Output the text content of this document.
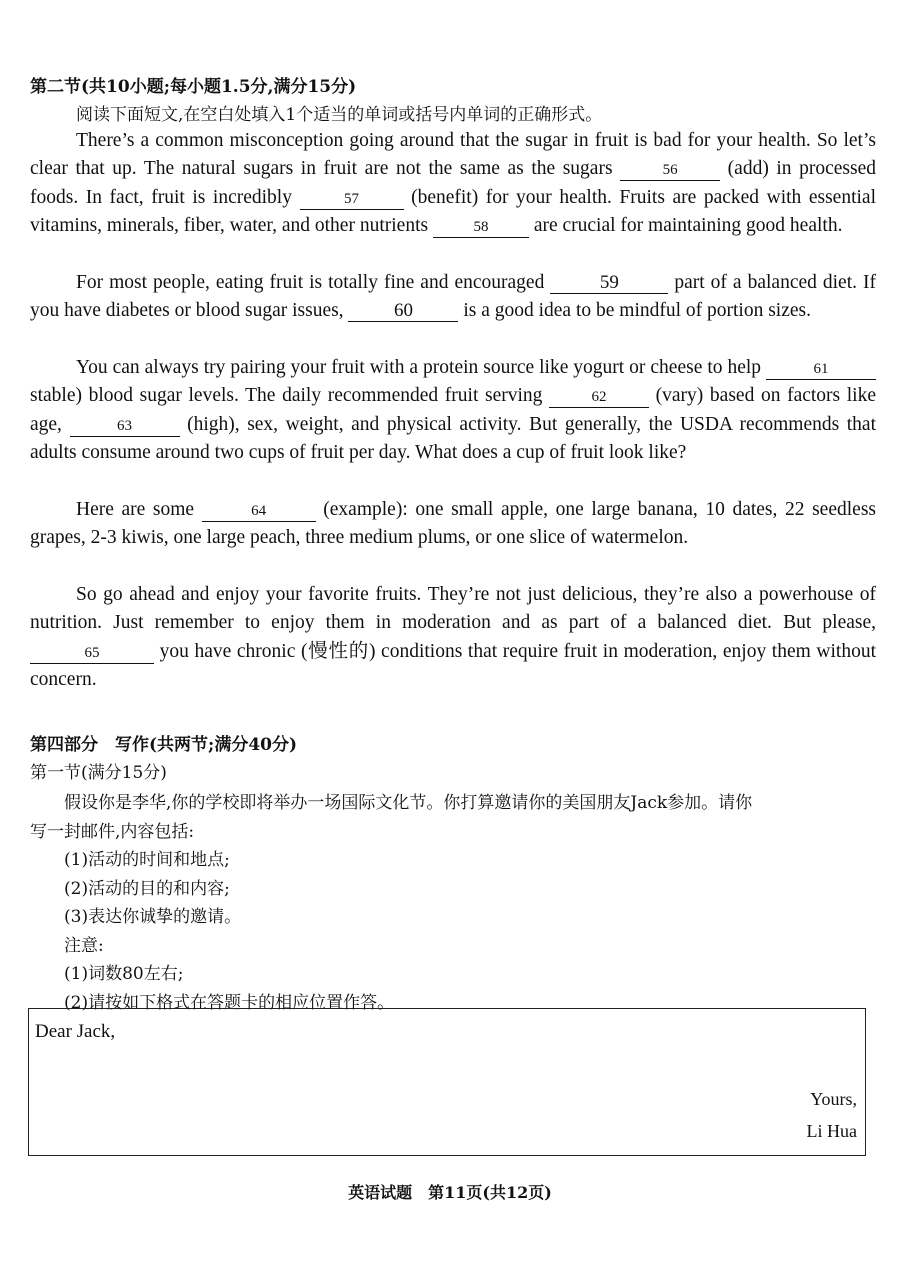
第二节(共10小题;每小题1.5分,满分15分)
阅读下面短文,在空白处填入1个适当的单词或括号内单词的正确形式。

There’s a common misconception going around that the sugar in fruit is bad for your health. So let’s clear that up. The natural sugars in fruit are not the same as the sugars	56 (add) in processed foods. In fact, fruit is incredibly	57 (benefit) for your health. Fruits are packed with essential vitamins, minerals, fiber, water, and other nutrients	58 are crucial for maintaining good health.

For most people, eating fruit is totally fine and encouraged	59	part of a balanced diet. If you have diabetes or blood sugar issues, 60 is a good idea to be mindful of portion sizes.

You can always try pairing your fruit with a protein source like yogurt or cheese to help	61 stable) blood sugar levels. The daily recommended fruit serving	62 (vary) based on factors like age,	63 (high), sex, weight, and physical activity. But generally, the USDA recommends that adults consume around two cups of fruit per day. What does a cup of fruit look like?

Here are some	64	(example): one small apple, one large banana, 10 dates, 22 seedless grapes, 2-3 kiwis, one large peach, three medium plums, or one slice of watermelon.

So go ahead and enjoy your favorite fruits. They’re not just delicious, they’re also a powerhouse of nutrition. Just remember to enjoy them in moderation and as part of a balanced diet. But please, 65	you have chronic (慢性的) conditions that require fruit in moderation, enjoy them without concern.

第四部分　写作(共两节;满分40分)
第一节(满分15分)
假设你是李华,你的学校即将举办一场国际文化节。你打算邀请你的美国朋友Jack参加。请你
写一封邮件,内容包括:
(1)活动的时间和地点;
(2)活动的目的和内容;
(3)表达你诚挚的邀请。
注意:
(1)词数80左右;
(2)请按如下格式在答题卡的相应位置作答。
Dear Jack,
Yours,
Li Hua
英语试题　第11页(共12页)
